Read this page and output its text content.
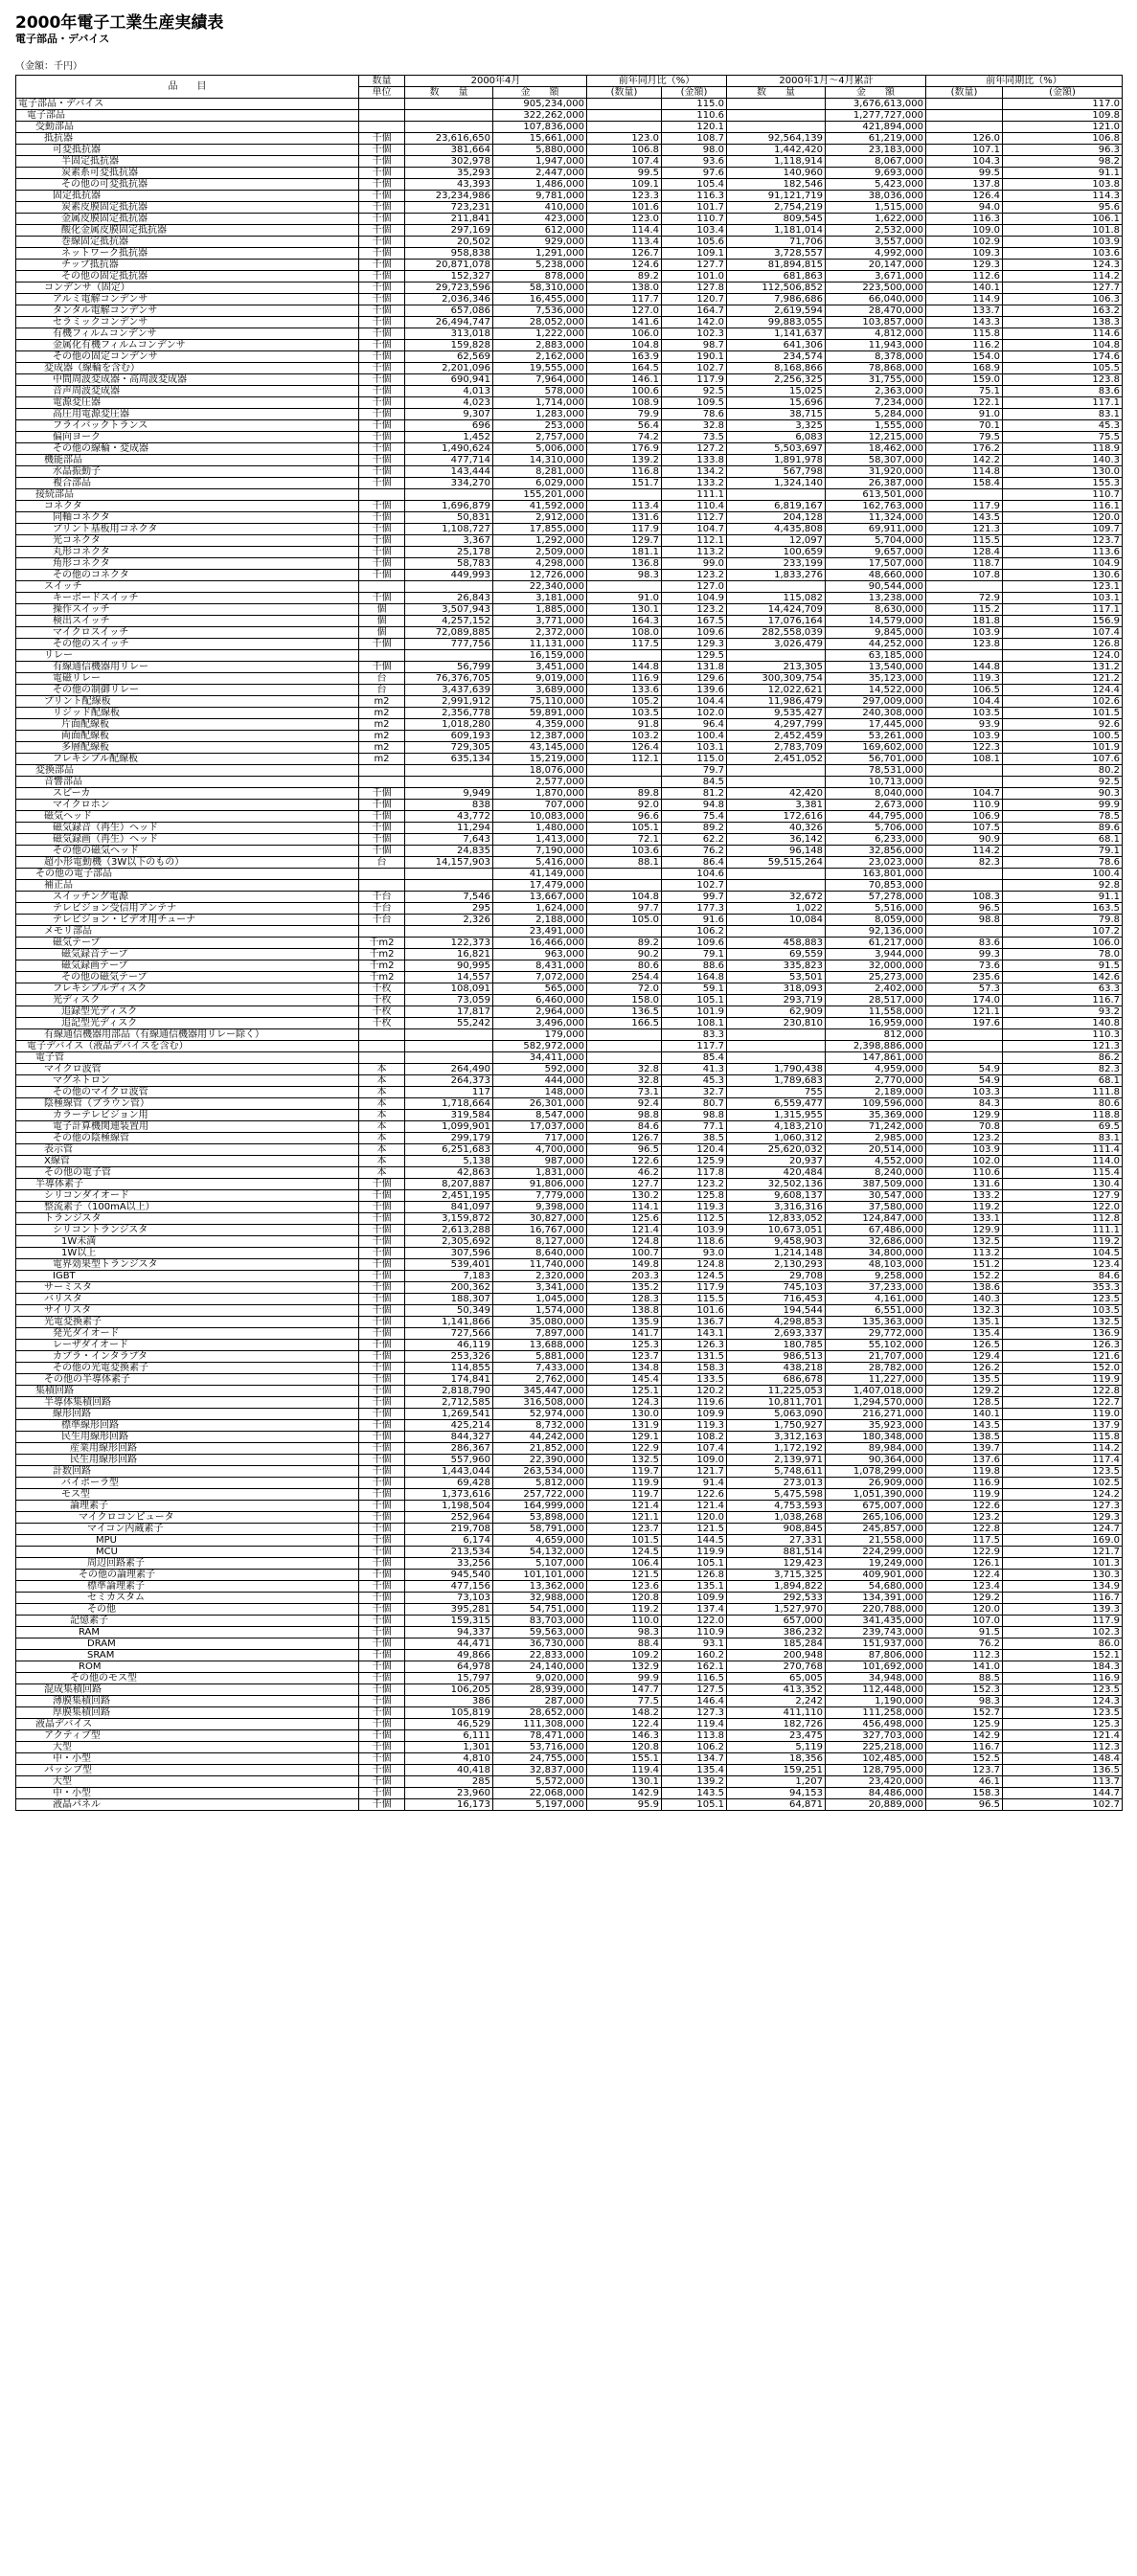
2000年電子工業生産実績表

電子部品・デバイス

（金額：千円）

品　　目	数量	2000年4月		前年同月比（%）		2000年1月～4月累計		前年同期比（%）	
	単位	数　　量	金　　額	(数量)	(金額)	数　　量	金　　額	(数量)	(金額)
電子部品・デバイス			905,234,000		115.0		3,676,613,000		117.0
電子部品			322,262,000		110.6		1,277,727,000		109.8
受動部品			107,836,000		120.1		421,894,000		121.0
抵抗器	千個	23,616,650	15,661,000	123.0	108.7	92,564,139	61,219,000	126.0	106.8
可変抵抗器	千個	381,664	5,880,000	106.8	98.0	1,442,420	23,183,000	107.1	96.3
半固定抵抗器	千個	302,978	1,947,000	107.4	93.6	1,118,914	8,067,000	104.3	98.2
炭素系可変抵抗器	千個	35,293	2,447,000	99.5	97.6	140,960	9,693,000	99.5	91.1
その他の可変抵抗器	千個	43,393	1,486,000	109.1	105.4	182,546	5,423,000	137.8	103.8
固定抵抗器	千個	23,234,986	9,781,000	123.3	116.3	91,121,719	38,036,000	126.4	114.3
炭素皮膜固定抵抗器	千個	723,231	410,000	101.6	101.7	2,754,219	1,515,000	94.0	95.6
金属皮膜固定抵抗器	千個	211,841	423,000	123.0	110.7	809,545	1,622,000	116.3	106.1
酸化金属皮膜固定抵抗器	千個	297,169	612,000	114.4	103.4	1,181,014	2,532,000	109.0	101.8
巻線固定抵抗器	千個	20,502	929,000	113.4	105.6	71,706	3,557,000	102.9	103.9
ネットワーク抵抗器	千個	958,838	1,291,000	126.7	109.1	3,728,557	4,992,000	109.3	103.6
チップ抵抗器	千個	20,871,078	5,238,000	124.6	127.7	81,894,815	20,147,000	129.3	124.3
その他の固定抵抗器	千個	152,327	878,000	89.2	101.0	681,863	3,671,000	112.6	114.2
コンデンサ（固定）	千個	29,723,596	58,310,000	138.0	127.8	112,506,852	223,500,000	140.1	127.7
アルミ電解コンデンサ	千個	2,036,346	16,455,000	117.7	120.7	7,986,686	66,040,000	114.9	106.3
タンタル電解コンデンサ	千個	657,086	7,536,000	127.0	164.7	2,619,594	28,470,000	133.7	163.2
セラミックコンデンサ	千個	26,494,747	28,052,000	141.6	142.0	99,883,055	103,857,000	143.3	138.3
有機フィルムコンデンサ	千個	313,018	1,222,000	106.0	102.3	1,141,637	4,812,000	115.8	114.6
金属化有機フィルムコンデンサ	千個	159,828	2,883,000	104.8	98.7	641,306	11,943,000	116.2	104.8
その他の固定コンデンサ	千個	62,569	2,162,000	163.9	190.1	234,574	8,378,000	154.0	174.6
変成器（線輪を含む）	千個	2,201,096	19,555,000	164.5	102.7	8,168,866	78,868,000	168.9	105.5
中間周波変成器・高周波変成器	千個	690,941	7,964,000	146.1	117.9	2,256,325	31,755,000	159.0	123.8
音声周波変成器	千個	4,013	578,000	100.6	92.5	15,025	2,363,000	75.1	83.6
電源変圧器	千個	4,023	1,714,000	108.9	109.5	15,696	7,234,000	122.1	117.1
高圧用電源変圧器	千個	9,307	1,283,000	79.9	78.6	38,715	5,284,000	91.0	83.1
フライバックトランス	千個	696	253,000	56.4	32.8	3,325	1,555,000	70.1	45.3
偏向ヨーク	千個	1,452	2,757,000	74.2	73.5	6,083	12,215,000	79.5	75.5
その他の線輪・変成器	千個	1,490,624	5,006,000	176.9	127.2	5,503,697	18,462,000	176.2	118.9
機能部品	千個	477,714	14,310,000	139.2	133.8	1,891,978	58,307,000	142.2	140.3
水晶振動子	千個	143,444	8,281,000	116.8	134.2	567,798	31,920,000	114.8	130.0
複合部品	千個	334,270	6,029,000	151.7	133.2	1,324,140	26,387,000	158.4	155.3
接続部品			155,201,000		111.1		613,501,000		110.7
コネクタ	千個	1,696,879	41,592,000	113.4	110.4	6,819,167	162,763,000	117.9	116.1
同軸コネクタ	千個	50,831	2,912,000	131.6	112.7	204,128	11,324,000	143.5	120.0
プリント基板用コネクタ	千個	1,108,727	17,855,000	117.9	104.7	4,435,808	69,911,000	121.3	109.7
光コネクタ	千個	3,367	1,292,000	129.7	112.1	12,097	5,704,000	115.5	123.7
丸形コネクタ	千個	25,178	2,509,000	181.1	113.2	100,659	9,657,000	128.4	113.6
角形コネクタ	千個	58,783	4,298,000	136.8	99.0	233,199	17,507,000	118.7	104.9
その他のコネクタ	千個	449,993	12,726,000	98.3	123.2	1,833,276	48,660,000	107.8	130.6
スイッチ			22,340,000		127.0		90,544,000		123.1
キーボードスイッチ	千個	26,843	3,181,000	91.0	104.9	115,082	13,238,000	72.9	103.1
操作スイッチ	個	3,507,943	1,885,000	130.1	123.2	14,424,709	8,630,000	115.2	117.1
検出スイッチ	個	4,257,152	3,771,000	164.3	167.5	17,076,164	14,579,000	181.8	156.9
マイクロスイッチ	個	72,089,885	2,372,000	108.0	109.6	282,558,039	9,845,000	103.9	107.4
その他のスイッチ	千個	777,756	11,131,000	117.5	129.3	3,026,479	44,252,000	123.8	126.8
リレー			16,159,000		129.5		63,185,000		124.0
有線通信機器用リレー	千個	56,799	3,451,000	144.8	131.8	213,305	13,540,000	144.8	131.2
電磁リレー	台	76,376,705	9,019,000	116.9	129.6	300,309,754	35,123,000	119.3	121.2
その他の制御リレー	台	3,437,639	3,689,000	133.6	139.6	12,022,621	14,522,000	106.5	124.4
プリント配線板	m2	2,991,912	75,110,000	105.2	104.4	11,986,479	297,009,000	104.4	102.6
リジッド配線板	m2	2,356,778	59,891,000	103.5	102.0	9,535,427	240,308,000	103.5	101.5
片面配線板	m2	1,018,280	4,359,000	91.8	96.4	4,297,799	17,445,000	93.9	92.6
両面配線板	m2	609,193	12,387,000	103.2	100.4	2,452,459	53,261,000	103.9	100.5
多層配線板	m2	729,305	43,145,000	126.4	103.1	2,783,709	169,602,000	122.3	101.9
フレキシブル配線板	m2	635,134	15,219,000	112.1	115.0	2,451,052	56,701,000	108.1	107.6
変換部品			18,076,000		79.7		78,531,000		80.2
音響部品			2,577,000		84.5		10,713,000		92.5
スピーカ	千個	9,949	1,870,000	89.8	81.2	42,420	8,040,000	104.7	90.3
マイクロホン	千個	838	707,000	92.0	94.8	3,381	2,673,000	110.9	99.9
磁気ヘッド	千個	43,772	10,083,000	96.6	75.4	172,616	44,795,000	106.9	78.5
磁気録音（再生）ヘッド	千個	11,294	1,480,000	105.1	89.2	40,326	5,706,000	107.5	89.6
磁気録画（再生）ヘッド	千個	7,643	1,413,000	72.1	62.2	36,142	6,233,000	90.9	68.1
その他の磁気ヘッド	千個	24,835	7,190,000	103.6	76.2	96,148	32,856,000	114.2	79.1
超小形電動機（3W以下のもの）	台	14,157,903	5,416,000	88.1	86.4	59,515,264	23,023,000	82.3	78.6
その他の電子部品			41,149,000		104.6		163,801,000		100.4
補正品			17,479,000		102.7		70,853,000		92.8
スイッチング電源	千台	7,546	13,667,000	104.8	99.7	32,672	57,278,000	108.3	91.1
テレビジョン受信用アンテナ	千台	295	1,624,000	97.7	177.3	1,022	5,516,000	96.5	163.5
テレビジョン・ビデオ用チューナ	千台	2,326	2,188,000	105.0	91.6	10,084	8,059,000	98.8	79.8
メモリ部品			23,491,000		106.2		92,136,000		107.2
磁気テープ	千m2	122,373	16,466,000	89.2	109.6	458,883	61,217,000	83.6	106.0
磁気録音テープ	千m2	16,821	963,000	90.2	79.1	69,559	3,944,000	99.3	78.0
磁気録画テープ	千m2	90,995	8,431,000	80.6	88.6	335,823	32,000,000	73.6	91.5
その他の磁気テープ	千m2	14,557	7,072,000	254.4	164.8	53,501	25,273,000	235.6	142.6
フレキシブルディスク	千枚	108,091	565,000	72.0	59.1	318,093	2,402,000	57.3	63.3
光ディスク	千枚	73,059	6,460,000	158.0	105.1	293,719	28,517,000	174.0	116.7
追録型光ディスク	千枚	17,817	2,964,000	136.5	101.9	62,909	11,558,000	121.1	93.2
追記型光ディスク	千枚	55,242	3,496,000	166.5	108.1	230,810	16,959,000	197.6	140.8
有線通信機器用部品（有線通信機器用リレー除く）			179,000		83.3		812,000		110.3
電子デバイス（液晶デバイスを含む）			582,972,000		117.7		2,398,886,000		121.3
電子管			34,411,000		85.4		147,861,000		86.2
マイクロ波管	本	264,490	592,000	32.8	41.3	1,790,438	4,959,000	54.9	82.3
マグネトロン	本	264,373	444,000	32.8	45.3	1,789,683	2,770,000	54.9	68.1
その他のマイクロ波管	本	117	148,000	73.1	32.7	755	2,189,000	103.3	111.8
陰極線管（ブラウン管）	本	1,718,664	26,301,000	92.4	80.7	6,559,477	109,596,000	84.3	80.6
カラーテレビジョン用	本	319,584	8,547,000	98.8	98.8	1,315,955	35,369,000	129.9	118.8
電子計算機関連装置用	本	1,099,901	17,037,000	84.6	77.1	4,183,210	71,242,000	70.8	69.5
その他の陰極線管	本	299,179	717,000	126.7	38.5	1,060,312	2,985,000	123.2	83.1
表示管	本	6,251,683	4,700,000	96.5	120.4	25,620,032	20,514,000	103.9	111.4
X線管	本	5,138	987,000	122.6	125.9	20,937	4,552,000	102.0	114.0
その他の電子管	本	42,863	1,831,000	46.2	117.8	420,484	8,240,000	110.6	115.4
半導体素子	千個	8,207,887	91,806,000	127.7	123.2	32,502,136	387,509,000	131.6	130.4
シリコンダイオード	千個	2,451,195	7,779,000	130.2	125.8	9,608,137	30,547,000	133.2	127.9
整流素子（100mA以上）	千個	841,097	9,398,000	114.1	119.3	3,316,316	37,580,000	119.2	122.0
トランジスタ	千個	3,159,872	30,827,000	125.6	112.5	12,833,052	124,847,000	133.1	112.8
シリコントランジスタ	千個	2,613,288	16,767,000	121.4	103.9	10,673,051	67,486,000	129.9	111.1
1W未満	千個	2,305,692	8,127,000	124.8	118.6	9,458,903	32,686,000	132.5	119.2
1W以上	千個	307,596	8,640,000	100.7	93.0	1,214,148	34,800,000	113.2	104.5
電界効果型トランジスタ	千個	539,401	11,740,000	149.8	124.8	2,130,293	48,103,000	151.2	123.4
IGBT	千個	7,183	2,320,000	203.3	124.5	29,708	9,258,000	152.2	84.6
サーミスタ	千個	200,362	3,341,000	135.2	117.9	745,103	37,233,000	138.6	353.3
バリスタ	千個	188,307	1,045,000	128.3	115.5	716,453	4,161,000	140.3	123.5
サイリスタ	千個	50,349	1,574,000	138.8	101.6	194,544	6,551,000	132.3	103.5
光電変換素子	千個	1,141,866	35,080,000	135.9	136.7	4,298,853	135,363,000	135.1	132.5
発光ダイオード	千個	727,566	7,897,000	141.7	143.1	2,693,337	29,772,000	135.4	136.9
レーザダイオード	千個	46,119	13,688,000	125.3	126.3	180,785	55,102,000	126.5	126.3
カプラ・インタラプタ	千個	253,326	5,881,000	123.7	131.5	986,513	21,707,000	129.4	121.6
その他の光電変換素子	千個	114,855	7,433,000	134.8	158.3	438,218	28,782,000	126.2	152.0
その他の半導体素子	千個	174,841	2,762,000	145.4	133.5	686,678	11,227,000	135.5	119.9
集積回路	千個	2,818,790	345,447,000	125.1	120.2	11,225,053	1,407,018,000	129.2	122.8
半導体集積回路	千個	2,712,585	316,508,000	124.3	119.6	10,811,701	1,294,570,000	128.5	122.7
線形回路	千個	1,269,541	52,974,000	130.0	109.9	5,063,090	216,271,000	140.1	119.0
標準線形回路	千個	425,214	8,732,000	131.9	119.3	1,750,927	35,923,000	143.5	137.9
民生用線形回路	千個	844,327	44,242,000	129.1	108.2	3,312,163	180,348,000	138.5	115.8
産業用線形回路	千個	286,367	21,852,000	122.9	107.4	1,172,192	89,984,000	139.7	114.2
民生用線形回路	千個	557,960	22,390,000	132.5	109.0	2,139,971	90,364,000	137.6	117.4
計数回路	千個	1,443,044	263,534,000	119.7	121.7	5,748,611	1,078,299,000	119.8	123.5
バイポーラ型	千個	69,428	5,812,000	119.9	91.4	273,013	26,909,000	116.9	102.5
モス型	千個	1,373,616	257,722,000	119.7	122.6	5,475,598	1,051,390,000	119.9	124.2
論理素子	千個	1,198,504	164,999,000	121.4	121.4	4,753,593	675,007,000	122.6	127.3
マイクロコンピュータ	千個	252,964	53,898,000	121.1	120.0	1,038,268	265,106,000	123.2	129.3
マイコン内蔵素子	千個	219,708	58,791,000	123.7	121.5	908,845	245,857,000	122.8	124.7
MPU	千個	6,174	4,659,000	101.5	144.5	27,331	21,558,000	117.5	169.0
MCU	千個	213,534	54,132,000	124.5	119.9	881,514	224,299,000	122.9	121.7
周辺回路素子	千個	33,256	5,107,000	106.4	105.1	129,423	19,249,000	126.1	101.3
その他の論理素子	千個	945,540	101,101,000	121.5	126.8	3,715,325	409,901,000	122.4	130.3
標準論理素子	千個	477,156	13,362,000	123.6	135.1	1,894,822	54,680,000	123.4	134.9
セミカスタム	千個	73,103	32,988,000	120.8	109.9	292,533	134,391,000	129.2	116.7
その他	千個	395,281	54,751,000	119.2	137.4	1,527,970	220,788,000	120.0	139.3
記憶素子	千個	159,315	83,703,000	110.0	122.0	657,000	341,435,000	107.0	117.9
RAM	千個	94,337	59,563,000	98.3	110.9	386,232	239,743,000	91.5	102.3
DRAM	千個	44,471	36,730,000	88.4	93.1	185,284	151,937,000	76.2	86.0
SRAM	千個	49,866	22,833,000	109.2	160.2	200,948	87,806,000	112.3	152.1
ROM	千個	64,978	24,140,000	132.9	162.1	270,768	101,692,000	141.0	184.3
その他のモス型	千個	15,797	9,020,000	99.9	116.5	65,005	34,948,000	88.5	116.9
混成集積回路	千個	106,205	28,939,000	147.7	127.5	413,352	112,448,000	152.3	123.5
薄膜集積回路	千個	386	287,000	77.5	146.4	2,242	1,190,000	98.3	124.3
厚膜集積回路	千個	105,819	28,652,000	148.2	127.3	411,110	111,258,000	152.7	123.5
液晶デバイス	千個	46,529	111,308,000	122.4	119.4	182,726	456,498,000	125.9	125.3
アクティブ型	千個	6,111	78,471,000	146.3	113.8	23,475	327,703,000	142.9	121.4
大型	千個	1,301	53,716,000	120.8	106.2	5,119	225,218,000	116.7	112.3
中・小型	千個	4,810	24,755,000	155.1	134.7	18,356	102,485,000	152.5	148.4
パッシブ型	千個	40,418	32,837,000	119.4	135.4	159,251	128,795,000	123.7	136.5
大型	千個	285	5,572,000	130.1	139.2	1,207	23,420,000	46.1	113.7
中・小型	千個	23,960	22,068,000	142.9	143.5	94,153	84,486,000	158.3	144.7
液晶パネル	千個	16,173	5,197,000	95.9	105.1	64,871	20,889,000	96.5	102.7
